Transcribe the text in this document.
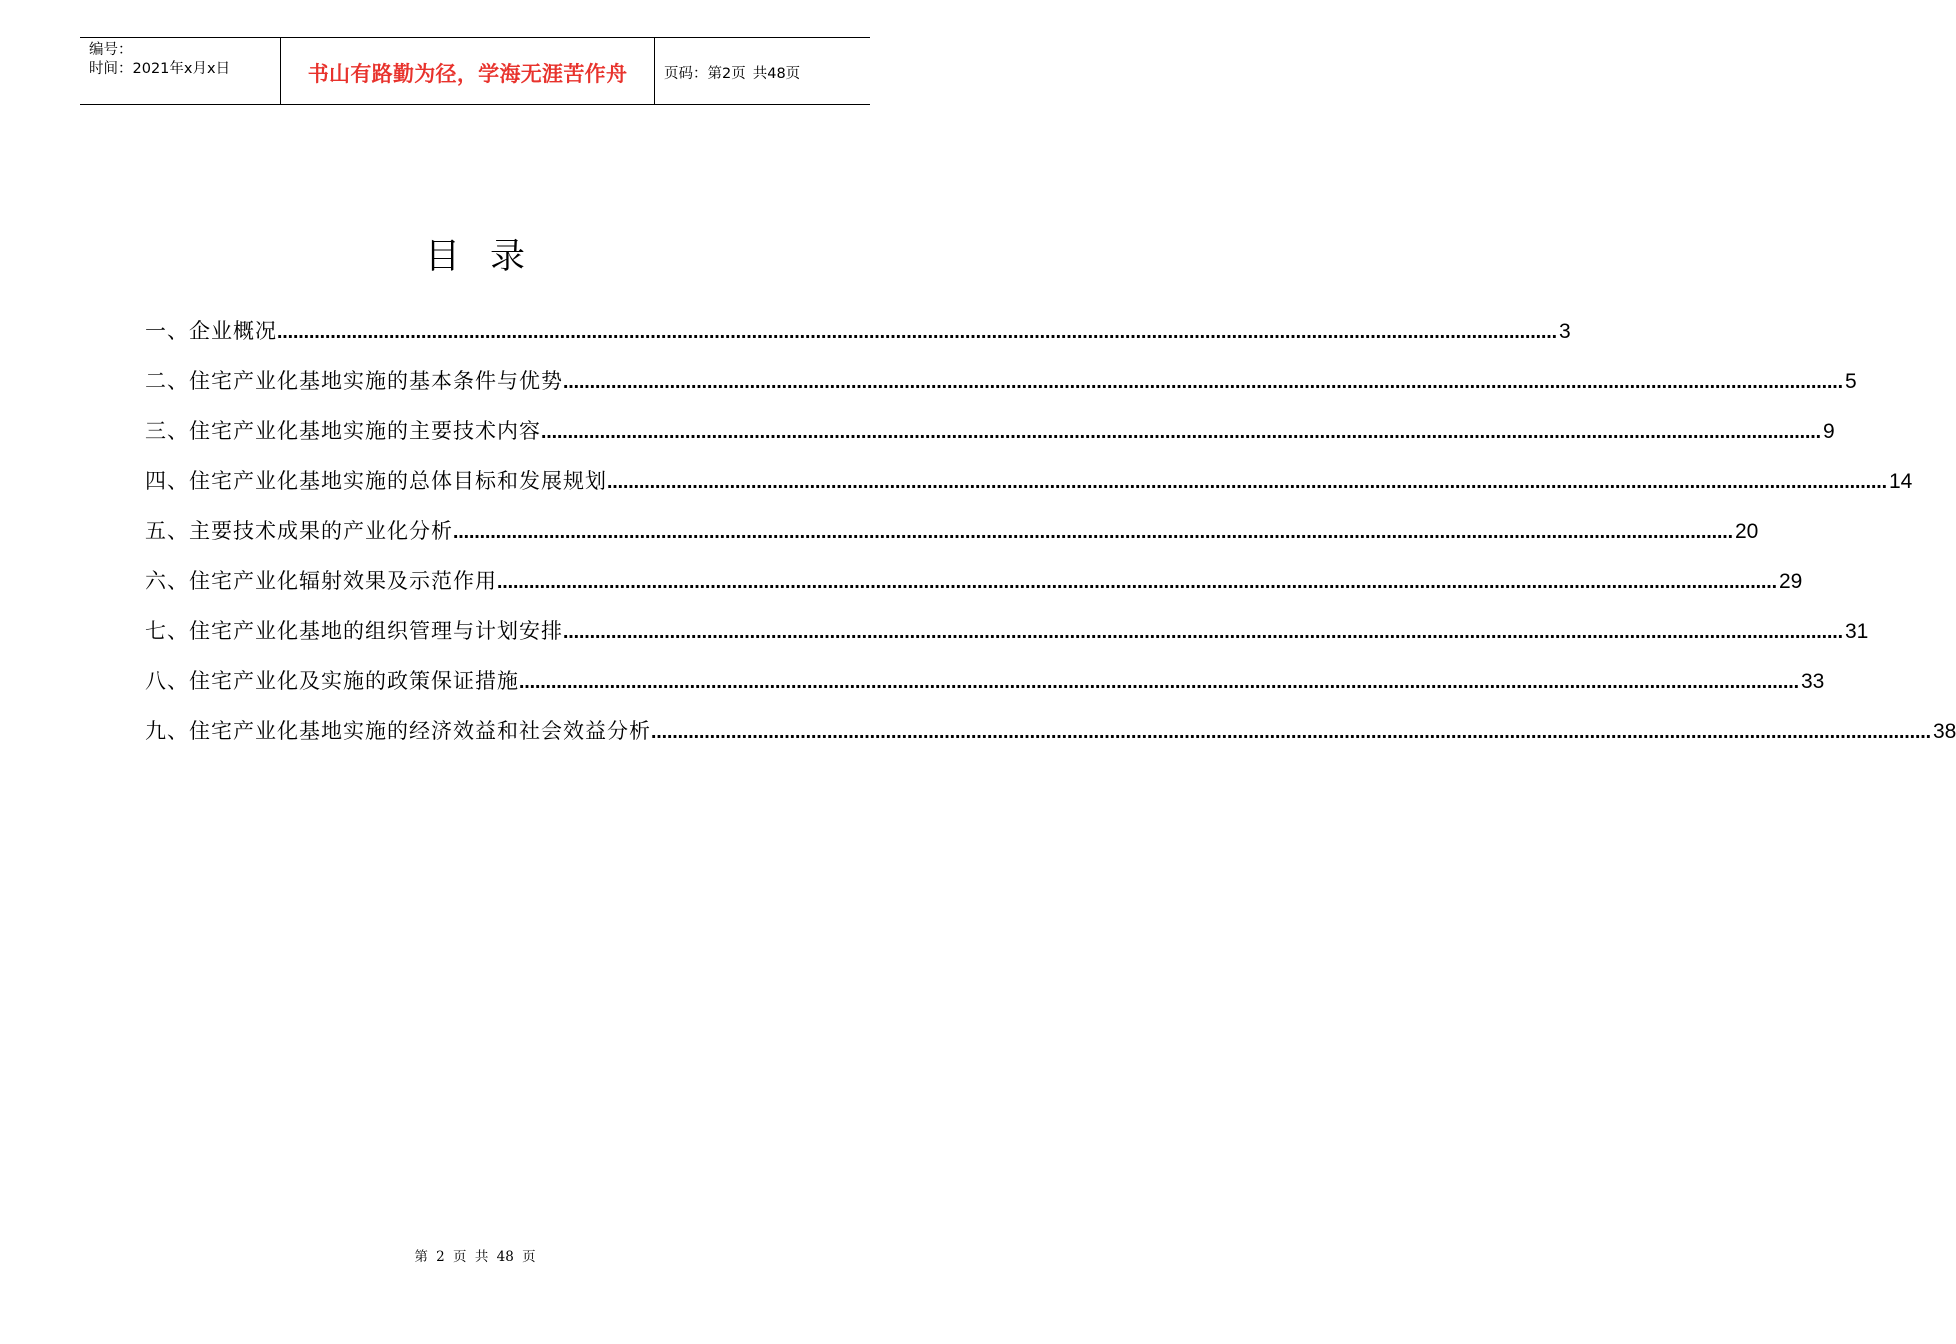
编号：
时间：2021年x月x日	书山有路勤为径，学海无涯苦作舟	页码：第2页 共48页
目录
一、企业概况 …………………………………………………………………………………………………………………………………………………………………………………………………………………… 3
二、住宅产业化基地实施的基本条件与优势 …………………………………………………………………………………………………………………………………………………………………………………………………………………… 5
三、住宅产业化基地实施的主要技术内容 …………………………………………………………………………………………………………………………………………………………………………………………………………………… 9
四、住宅产业化基地实施的总体目标和发展规划 …………………………………………………………………………………………………………………………………………………………………………………………………………………… 14
五、主要技术成果的产业化分析 …………………………………………………………………………………………………………………………………………………………………………………………………………………… 20
六、住宅产业化辐射效果及示范作用 …………………………………………………………………………………………………………………………………………………………………………………………………………………… 29
七、住宅产业化基地的组织管理与计划安排 …………………………………………………………………………………………………………………………………………………………………………………………………………………… 31
八、住宅产业化及实施的政策保证措施 …………………………………………………………………………………………………………………………………………………………………………………………………………………… 33
九、住宅产业化基地实施的经济效益和社会效益分析 …………………………………………………………………………………………………………………………………………………………………………………………………………………… 38
第 2 页 共 48 页
